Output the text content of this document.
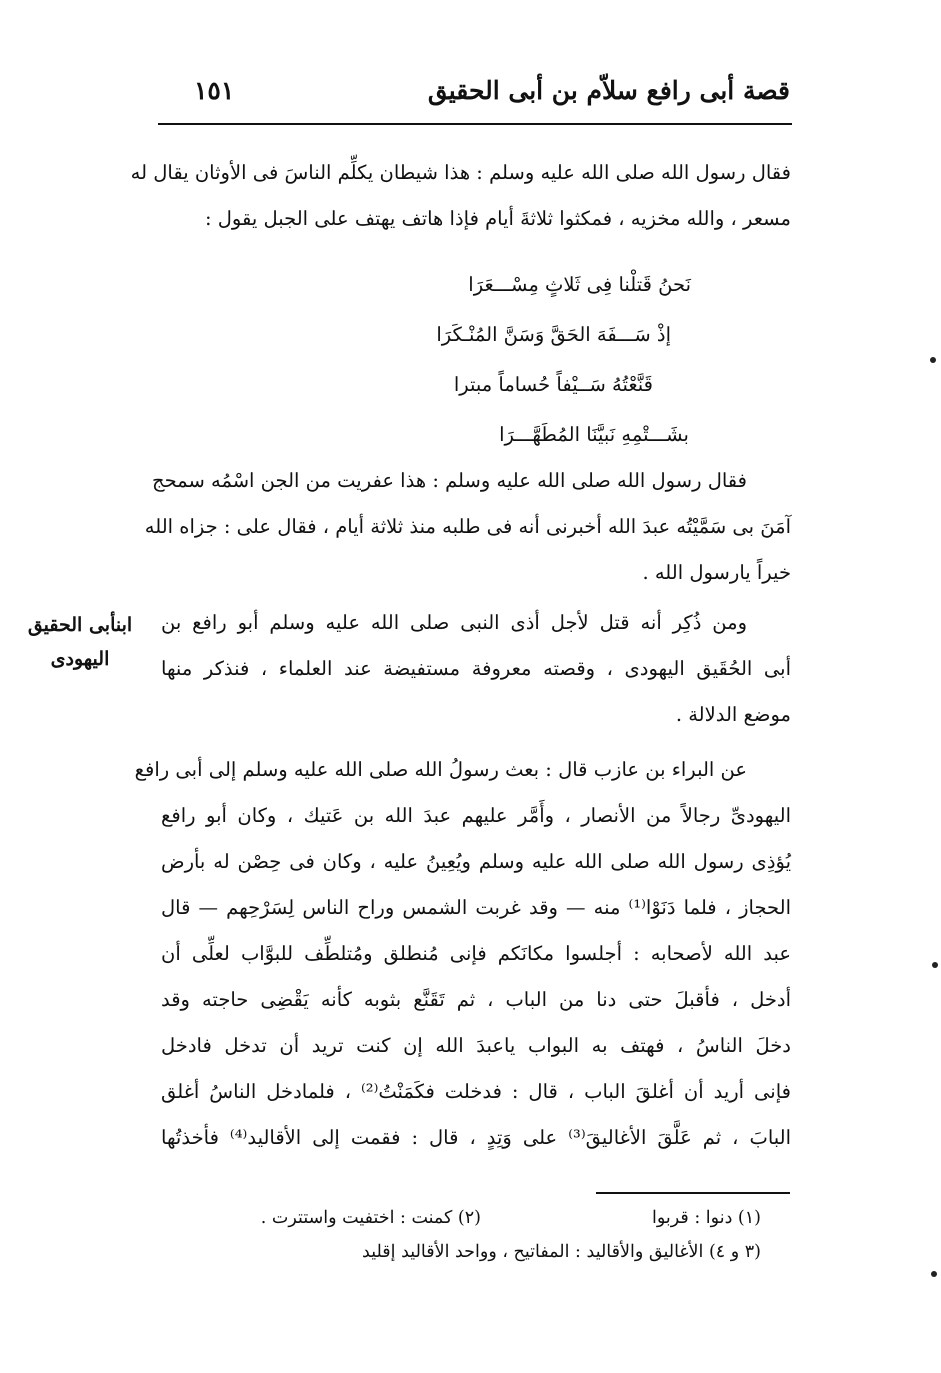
قصة أبى رافع سلاّم بن أبى الحقيق
١٥١
فقال رسول الله صلى الله عليه وسلم : هذا شيطان يكلِّم الناسَ فى الأوثان يقال له
مسعر ، والله مخزيه ، فمكثوا ثلاثةَ أيام فإذا هاتف يهتف على الجبل يقول :
نَحنُ قَتلْنا فِى ثَلاثٍ مِسْـــعَرَا
إذْ سَـــفَهَ الحَقَّ وَسَنَّ المُنْـكَرَا
قَنَّعْتُهُ سَــيْفاً حُساماً مبترا
بشَـــتْمِهِ نَبيَّنَا المُطَهَّـــرَا
فقال رسول الله صلى الله عليه وسلم : هذا عفريت من الجن اسْمُه سمحج
آمَنَ بى سَمَّيْتُه عبدَ الله أخبرنى أنه فى طلبه منذ ثلاثة أيام ، فقال على : جزاه الله
خيراً يارسول الله .
ومن ذُكِر أنه قتل لأجل أذى النبى صلى الله عليه وسلم أبو رافع بن
أبى الحُقَيق اليهودى ، وقصته معروفة مستفيضة عند العلماء ، فنذكر منها
موضع الدلالة .
ابنأبى الحقيق
اليهودى
عن البراء بن عازب قال : بعث رسولُ الله صلى الله عليه وسلم إلى أبى رافع
اليهودىِّ رجالاً من الأنصار ، وأَمَّر عليهم عبدَ الله بن عَتيك ، وكان أبو رافع
يُؤذِى رسول الله صلى الله عليه وسلم ويُعِينُ عليه ، وكان فى حِصْن له بأرض
الحجاز ، فلما دَنَوْا⁽¹⁾ منه — وقد غربت الشمس وراح الناس لِسَرْحِهم — قال
عبد الله لأصحابه : أجلسوا مكانَكم فإنى مُنطلق ومُتلطِّف للبوَّاب لعلِّى أن
أدخل ، فأقبلَ حتى دنا من الباب ، ثم تَقَنَّع بثوبه كأنه يَقْضِى حاجته وقد
دخلَ الناسُ ، فهتف به البواب ياعبدَ الله إن كنت تريد أن تدخل فادخل
فإنى أريد أن أغلقَ الباب ، قال : فدخلت فكَمَنْتُ⁽²⁾ ، فلمادخل الناسُ أغلق
البابَ ، ثم عَلَّقَ الأغاليقَ⁽³⁾ على وَتِدٍ ، قال : فقمت إلى الأقاليد⁽⁴⁾ فأخذتُها
(١) دنوا : قربوا
(٢) كمنت : اختفيت واستترت .
(٣ و ٤) الأغاليق والأقاليد : المفاتيح ، وواحد الأقاليد إقليد
